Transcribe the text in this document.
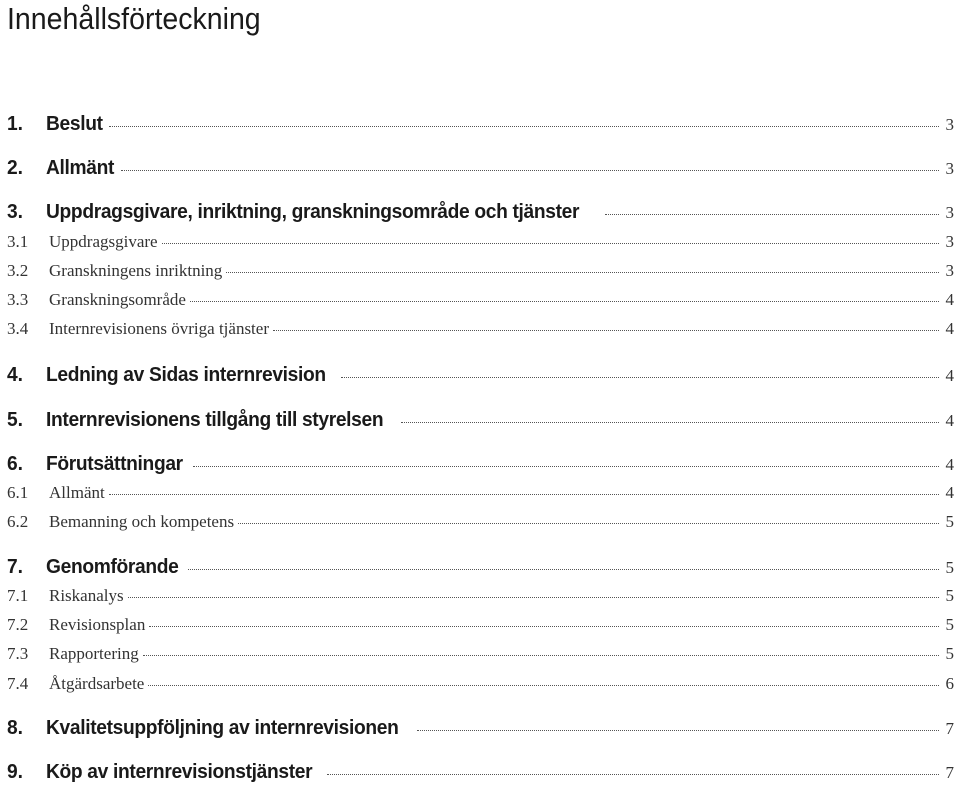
Innehållsförteckning
1.	Beslut	3
2.	Allmänt	3
3.	Uppdragsgivare, inriktning, granskningsområde och tjänster	3
3.1	Uppdragsgivare	3
3.2	Granskningens inriktning	3
3.3	Granskningsområde	4
3.4	Internrevisionens övriga tjänster	4
4.	Ledning av Sidas internrevision	4
5.	Internrevisionens tillgång till styrelsen	4
6.	Förutsättningar	4
6.1	Allmänt	4
6.2	Bemanning och kompetens	5
7.	Genomförande	5
7.1	Riskanalys	5
7.2	Revisionsplan	5
7.3	Rapportering	5
7.4	Åtgärdsarbete	6
8.	Kvalitetsuppföljning av internrevisionen	7
9.	Köp av internrevisionstjänster	7
